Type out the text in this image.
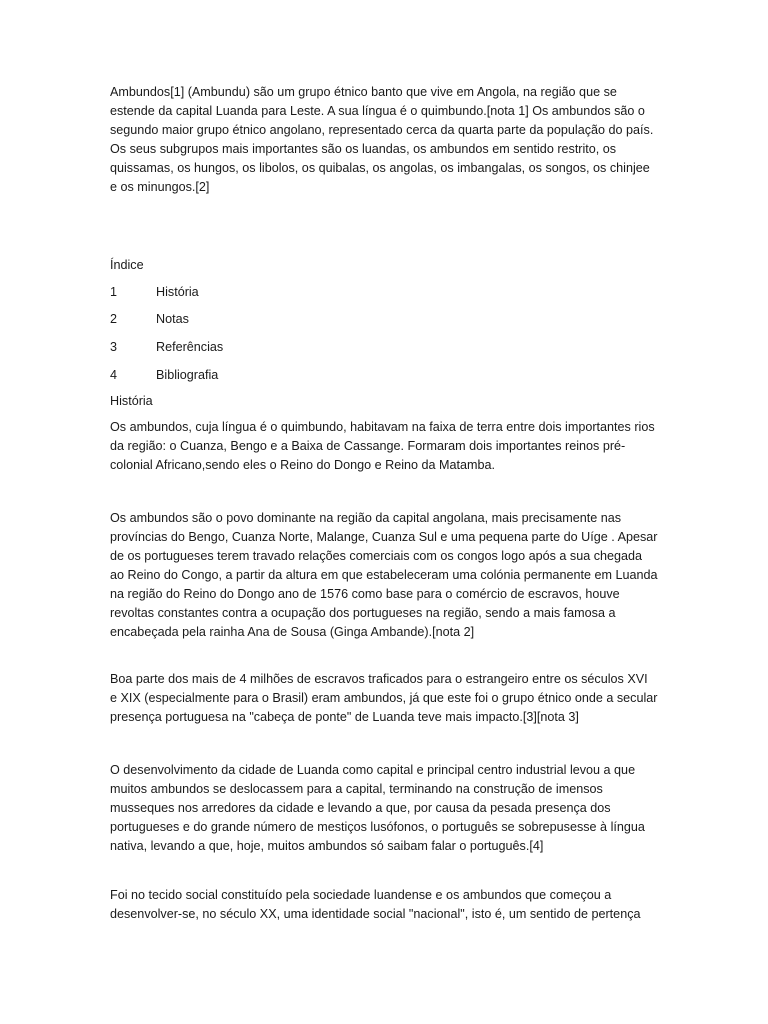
Ambundos[1] (Ambundu) são um grupo étnico banto que vive em Angola, na região que se estende da capital Luanda para Leste. A sua língua é o quimbundo.[nota 1] Os ambundos são o segundo maior grupo étnico angolano, representado cerca da quarta parte da população do país. Os seus subgrupos mais importantes são os luandas, os ambundos em sentido restrito, os quissamas, os hungos, os libolos, os quibalas, os angolas, os imbangalas, os songos, os chinjee e os minungos.[2]

Índice
1	História
2	Notas
3	Referências
4	Bibliografia
História

Os ambundos, cuja língua é o quimbundo, habitavam na faixa de terra entre dois importantes rios da região: o Cuanza, Bengo e a Baixa de Cassange. Formaram dois importantes reinos pré-colonial Africano,sendo eles o Reino do Dongo e Reino da Matamba.

Os ambundos são o povo dominante na região da capital angolana, mais precisamente nas províncias do Bengo, Cuanza Norte, Malange, Cuanza Sul e uma pequena parte do Uíge . Apesar de os portugueses terem travado relações comerciais com os congos logo após a sua chegada ao Reino do Congo, a partir da altura em que estabeleceram uma colónia permanente em Luanda na região do Reino do Dongo ano de 1576 como base para o comércio de escravos, houve revoltas constantes contra a ocupação dos portugueses na região, sendo a mais famosa a encabeçada pela rainha Ana de Sousa (Ginga Ambande).[nota 2]

Boa parte dos mais de 4 milhões de escravos traficados para o estrangeiro entre os séculos XVI e XIX (especialmente para o Brasil) eram ambundos, já que este foi o grupo étnico onde a secular presença portuguesa na "cabeça de ponte" de Luanda teve mais impacto.[3][nota 3]

O desenvolvimento da cidade de Luanda como capital e principal centro industrial levou a que muitos ambundos se deslocassem para a capital, terminando na construção de imensos musseques nos arredores da cidade e levando a que, por causa da pesada presença dos portugueses e do grande número de mestiços lusófonos, o português se sobrepusesse à língua nativa, levando a que, hoje, muitos ambundos só saibam falar o português.[4]

Foi no tecido social constituído pela sociedade luandense e os ambundos que começou a desenvolver-se, no século XX, uma identidade social "nacional", isto é, um sentido de pertença
